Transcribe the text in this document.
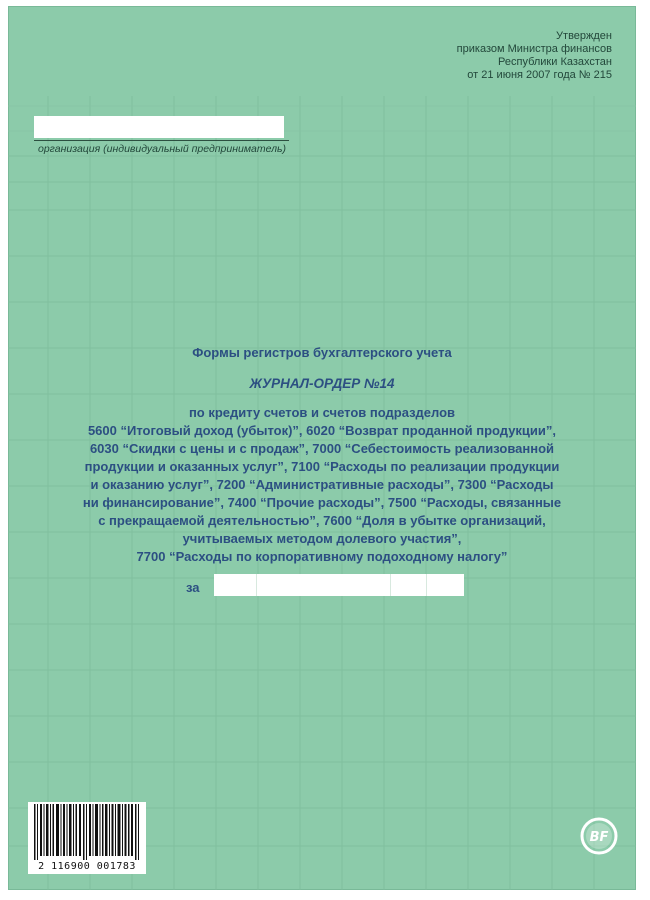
Утвержден
приказом Министра финансов
Республики Казахстан
от 21 июня 2007 года № 215
организация (индивидуальный предприниматель)
Формы регистров бухгалтерского учета
ЖУРНАЛ-ОРДЕР №14
по кредиту счетов и счетов подразделов
5600 “Итоговый доход (убыток)”, 6020 “Возврат проданной продукции”,
6030 “Скидки с цены и с продаж”, 7000 “Себестоимость реализованной
продукции и оказанных услуг”, 7100 “Расходы по реализации продукции
и оказанию услуг”, 7200 “Административные расходы”, 7300 “Расходы
ни финансирование”, 7400 “Прочие расходы”, 7500 “Расходы, связанные
с прекращаемой деятельностью”, 7600 “Доля в убытке организаций,
учитываемых методом долевого участия”,
7700 “Расходы по корпоративному подоходному налогу”
за
2 116900 001783
BF
